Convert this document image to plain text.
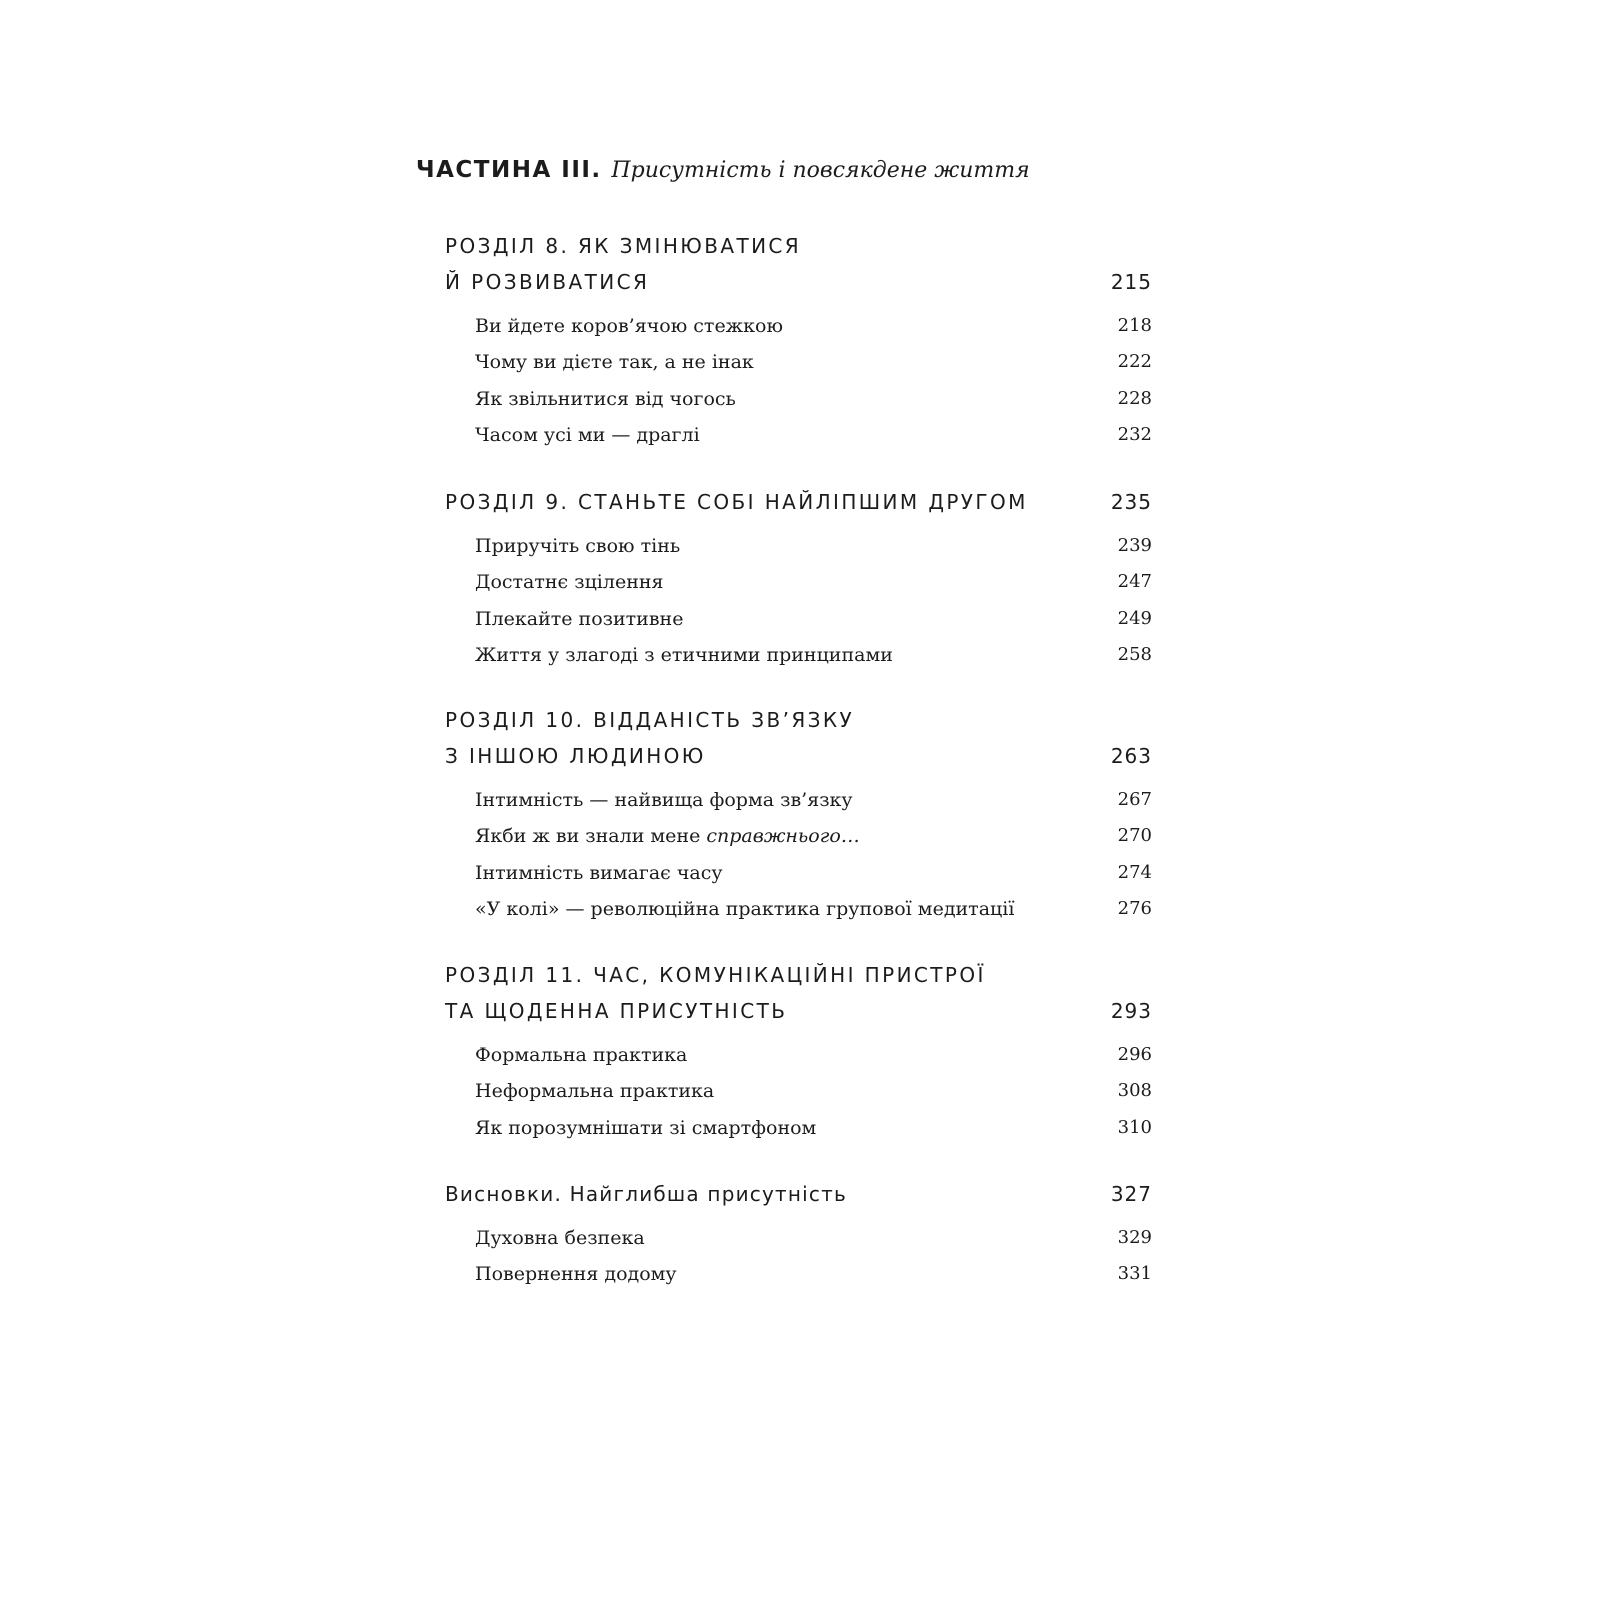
ЧАСТИНА III. Присутність і повсякдене життя
РОЗДІЛ 8. ЯК ЗМІНЮВАТИСЯ
Й РОЗВИВАТИСЯ	215
Ви йдете коров’ячою стежкою	218
Чому ви дієте так, а не інак	222
Як звільнитися від чогось	228
Часом усі ми — драглі	232
РОЗДІЛ 9. СТАНЬТЕ СОБІ НАЙЛІПШИМ ДРУГОМ	235
Приручіть свою тінь	239
Достатнє зцілення	247
Плекайте позитивне	249
Життя у злагоді з етичними принципами	258
РОЗДІЛ 10. ВІДДАНІСТЬ ЗВ’ЯЗКУ
З ІНШОЮ ЛЮДИНОЮ	263
Інтимність — найвища форма зв’язку	267
Якби ж ви знали мене справжнього…	270
Інтимність вимагає часу	274
«У колі» — революційна практика групової медитації	276
РОЗДІЛ 11. ЧАС, КОМУНІКАЦІЙНІ ПРИСТРОЇ
ТА ЩОДЕННА ПРИСУТНІСТЬ	293
Формальна практика	296
Неформальна практика	308
Як порозумнішати зі смартфоном	310
Висновки. Найглибша присутність	327
Духовна безпека	329
Повернення додому	331
